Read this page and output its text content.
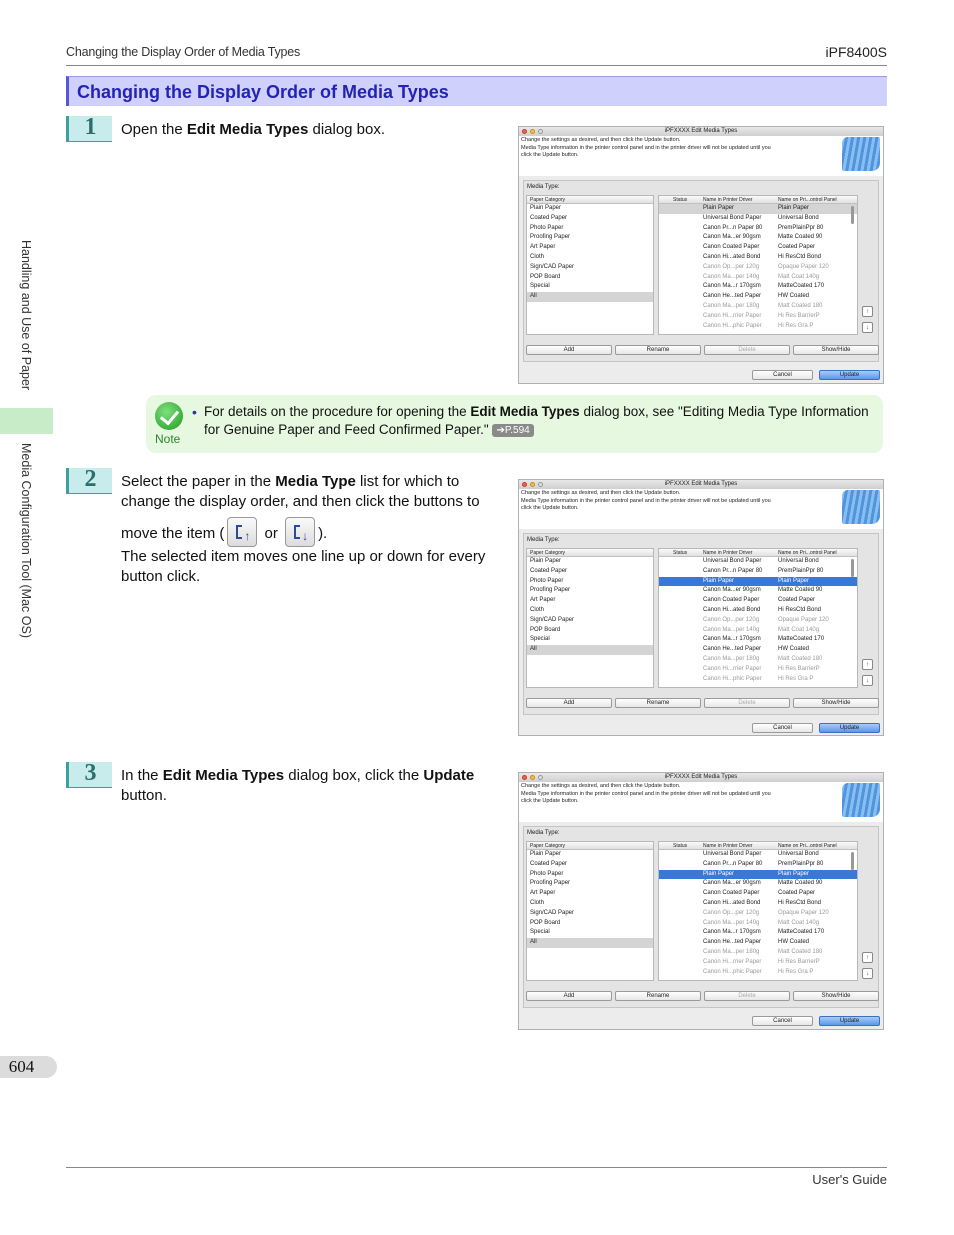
Changing the Display Order of Media Types	iPF8400S
Handling and Use of Paper
Media Configuration Tool (Mac OS)
Changing the Display Order of Media Types
1	Open the Edit Media Types dialog box.
Note
• For details on the procedure for opening the Edit Media Types dialog box, see "Editing Media Type Information for Genuine Paper and Feed Confirmed Paper." ➔P.594
2	Select the paper in the Media Type list for which to change the display order, and then click the buttons to
move the item ( ↑ or ↓ ).
The selected item moves one line up or down for every button click.
3	In the Edit Media Types dialog box, click the Update button.
iPFXXXX Edit Media Types
Change the settings as desired, and then click the Update button.
Media Type information in the printer control panel and in the printer driver will not be updated until you
click the Update button.
Media Type:
Paper Category
Plain Paper
Coated Paper
Photo Paper
Proofing Paper
Art Paper
Cloth
Sign/CAD Paper
POP Board
Special
All
Status	Name in Printer Driver	Name on Pri...ontrol Panel
Plain Paper	Plain Paper
Universal Bond Paper	Universal Bond
Canon Pr...n Paper 80	PremPlainPpr 80
Canon Ma...er 90gsm	Matte Coated 90
Canon Coated Paper	Coated Paper
Canon Hi...ated Bond	Hi ResCtd Bond
Canon Op...per 120g	Opaque Paper 120
Canon Ma...per 140g	Matt Coat 140g
Canon Ma...r 170gsm	MatteCoated 170
Canon He...ted Paper	HW Coated
Canon Ma...per 180g	Matt Coated 180
Canon Hi...rrier Paper	Hi Res BarrierP
Canon Hi...phic Paper	Hi Res Gra P
↑
↓
Add	Rename	Delete	Show/Hide
Cancel	Update
iPFXXXX Edit Media Types
Change the settings as desired, and then click the Update button.
Media Type information in the printer control panel and in the printer driver will not be updated until you
click the Update button.
Media Type:
Paper Category
Plain Paper
Coated Paper
Photo Paper
Proofing Paper
Art Paper
Cloth
Sign/CAD Paper
POP Board
Special
All
Status	Name in Printer Driver	Name on Pri...ontrol Panel
Universal Bond Paper	Universal Bond
Canon Pr...n Paper 80	PremPlainPpr 80
Plain Paper	Plain Paper
Canon Ma...er 90gsm	Matte Coated 90
Canon Coated Paper	Coated Paper
Canon Hi...ated Bond	Hi ResCtd Bond
Canon Op...per 120g	Opaque Paper 120
Canon Ma...per 140g	Matt Coat 140g
Canon Ma...r 170gsm	MatteCoated 170
Canon He...ted Paper	HW Coated
Canon Ma...per 180g	Matt Coated 180
Canon Hi...rrier Paper	Hi Res BarrierP
Canon Hi...phic Paper	Hi Res Gra P
↑
↓
Add	Rename	Delete	Show/Hide
Cancel	Update
iPFXXXX Edit Media Types
Change the settings as desired, and then click the Update button.
Media Type information in the printer control panel and in the printer driver will not be updated until you
click the Update button.
Media Type:
Paper Category
Plain Paper
Coated Paper
Photo Paper
Proofing Paper
Art Paper
Cloth
Sign/CAD Paper
POP Board
Special
All
Status	Name in Printer Driver	Name on Pri...ontrol Panel
Universal Bond Paper	Universal Bond
Canon Pr...n Paper 80	PremPlainPpr 80
Plain Paper	Plain Paper
Canon Ma...er 90gsm	Matte Coated 90
Canon Coated Paper	Coated Paper
Canon Hi...ated Bond	Hi ResCtd Bond
Canon Op...per 120g	Opaque Paper 120
Canon Ma...per 140g	Matt Coat 140g
Canon Ma...r 170gsm	MatteCoated 170
Canon He...ted Paper	HW Coated
Canon Ma...per 180g	Matt Coated 180
Canon Hi...rrier Paper	Hi Res BarrierP
Canon Hi...phic Paper	Hi Res Gra P
↑
↓
Add	Rename	Delete	Show/Hide
Cancel	Update
604
User's Guide
